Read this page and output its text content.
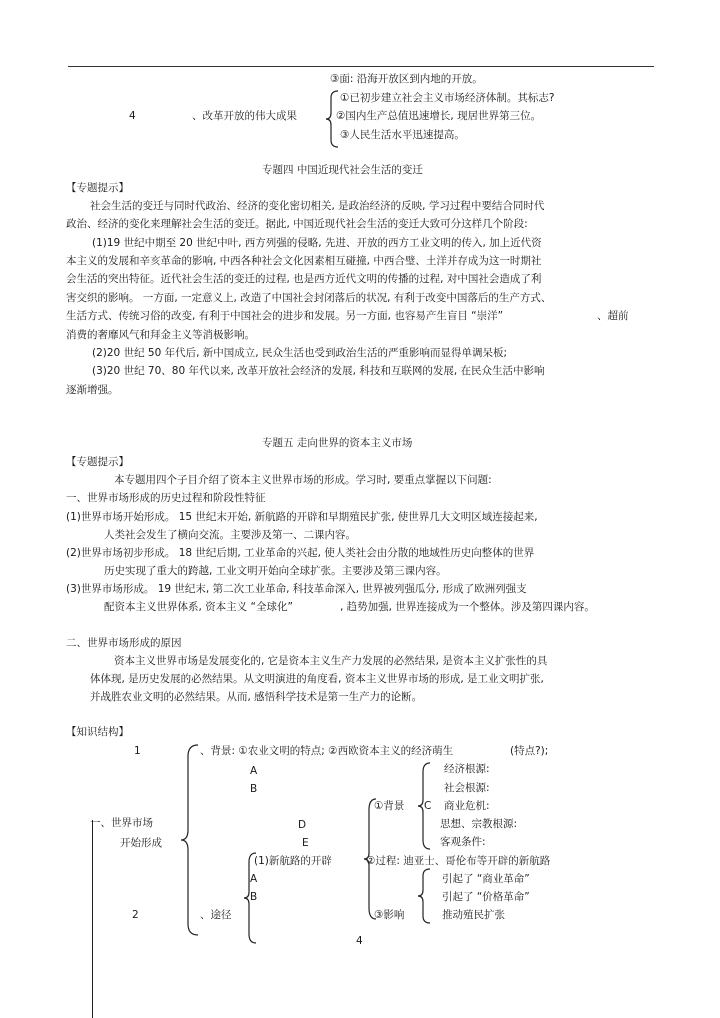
③面: 沿海开放区到内地的开放。
4	、改革开放的伟大成果
①已初步建立社会主义市场经济体制。其标志?
②国内生产总值迅速增长, 现居世界第三位。
③人民生活水平迅速提高。
专题四 中国近现代社会生活的变迁
【专题提示】
社会生活的变迁与同时代政治、经济的变化密切相关, 是政治经济的反映, 学习过程中要结合同时代
政治、经济的变化来理解社会生活的变迁。据此, 中国近现代社会生活的变迁大致可分这样几个阶段:
(1)19 世纪中期至 20 世纪中叶, 西方列强的侵略, 先进、开放的西方工业文明的传入, 加上近代资
本主义的发展和辛亥革命的影响, 中西各种社会文化因素相互碰撞, 中西合璧、土洋并存成为这一时期社
会生活的突出特征。近代社会生活的变迁的过程, 也是西方近代文明的传播的过程, 对中国社会造成了利
害交织的影响。 一方面, 一定意义上, 改造了中国社会封闭落后的状况, 有利于改变中国落后的生产方式、
生活方式、传统习俗的改变, 有利于中国社会的进步和发展。另一方面, 也容易产生盲目 “崇洋”	、超前
消费的奢靡风气和拜金主义等消极影响。
(2)20 世纪 50 年代后, 新中国成立, 民众生活也受到政治生活的严重影响而显得单调呆板;
(3)20 世纪 70、80 年代以来, 改革开放社会经济的发展, 科技和互联网的发展, 在民众生活中影响
逐渐增强。
专题五 走向世界的资本主义市场
【专题提示】
本专题用四个子目介绍了资本主义世界市场的形成。学习时, 要重点掌握以下问题:
一、世界市场形成的历史过程和阶段性特征
(1)世界市场开始形成。 15 世纪末开始, 新航路的开辟和早期殖民扩张, 使世界几大文明区域连接起来,
人类社会发生了横向交流。主要涉及第一、二课内容。
(2)世界市场初步形成。 18 世纪后期, 工业革命的兴起, 使人类社会由分散的地域性历史向整体的世界
历史实现了重大的跨越, 工业文明开始向全球扩张。主要涉及第三课内容。
(3)世界市场形成。 19 世纪末, 第二次工业革命, 科技革命深入, 世界被列强瓜分, 形成了欧洲列强支
配资本主义世界体系, 资本主义 “全球化”	, 趋势加强, 世界连接成为一个整体。涉及第四课内容。
二、世界市场形成的原因
资本主义世界市场是发展变化的, 它是资本主义生产力发展的必然结果, 是资本主义扩张性的具
体体现, 是历史发展的必然结果。从文明演进的角度看, 资本主义世界市场的形成, 是工业文明扩张,
并战胜农业文明的必然结果。从而, 感悟科学技术是第一生产力的论断。
【知识结构】
1	、背景: ①农业文明的特点; ②西欧资本主义的经济萌生	(特点?);
A
B
一、世界市场
开始形成
D
E
①背景 C
经济根源:
社会根源:
商业危机:
思想、宗教根源:
客观条件:
(1)新航路的开辟	②过程: 迪亚士、哥伦布等开辟的新航路
A
B
2	、途径	③影响
引起了 “商业革命”
引起了 “价格革命”
推动殖民扩张
4
